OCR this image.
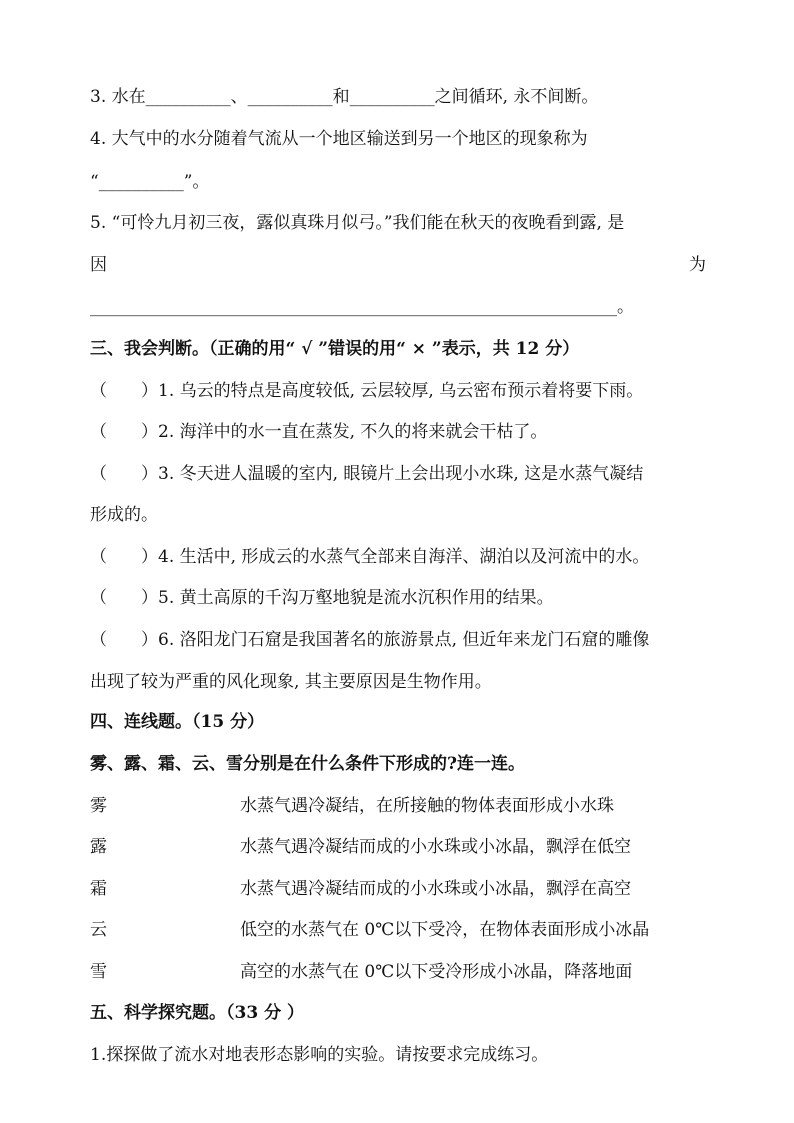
3. 水在__________、__________和__________之间循环, 永不间断。
4. 大气中的水分随着气流从一个地区输送到另一个地区的现象称为
“__________”。
5. “可怜九月初三夜，露似真珠月似弓。”我们能在秋天的夜晚看到露, 是
因	为
______________________________________________________________。
三、我会判断。（正确的用“ √ ”错误的用“ × ”表示，共 12 分）
（　　）1. 乌云的特点是高度较低, 云层较厚, 乌云密布预示着将要下雨。
（　　）2. 海洋中的水一直在蒸发, 不久的将来就会干枯了。
（　　）3. 冬天进人温暖的室内, 眼镜片上会出现小水珠, 这是水蒸气凝结
形成的。
（　　）4. 生活中, 形成云的水蒸气全部来自海洋、湖泊以及河流中的水。
（　　）5. 黄土高原的千沟万壑地貌是流水沉积作用的结果。
（　　）6. 洛阳龙门石窟是我国著名的旅游景点, 但近年来龙门石窟的雕像
出现了较为严重的风化现象, 其主要原因是生物作用。
四、连线题。（15 分）
雾、露、霜、云、雪分别是在什么条件下形成的?连一连。
雾	水蒸气遇冷凝结，在所接触的物体表面形成小水珠
露	水蒸气遇冷凝结而成的小水珠或小冰晶，飘浮在低空
霜	水蒸气遇冷凝结而成的小水珠或小冰晶，飘浮在高空
云	低空的水蒸气在 0℃以下受冷，在物体表面形成小冰晶
雪	高空的水蒸气在 0℃以下受冷形成小冰晶，降落地面
五、科学探究题。（33 分 ）
1.探探做了流水对地表形态影响的实验。请按要求完成练习。
